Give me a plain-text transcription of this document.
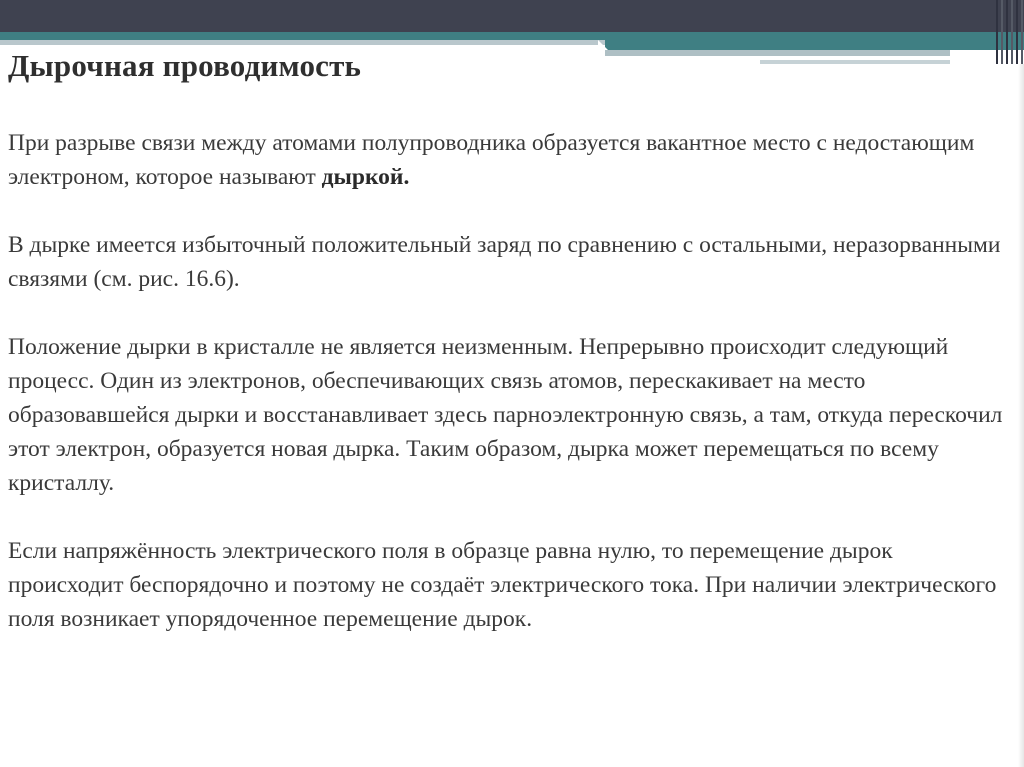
Дырочная проводимость

При разрыве связи между атомами полупроводника образуется вакантное место с недостающим электроном, которое называют дыркой.

В дырке имеется избыточный положительный заряд по сравнению с остальными, неразорванными связями (см. рис. 16.6).

Положение дырки в кристалле не является неизменным. Непрерывно происходит следующий процесс. Один из электронов, обеспечивающих связь атомов, перескакивает на место образовавшейся дырки и восстанавливает здесь парноэлектронную связь, а там, откуда перескочил этот электрон, образуется новая дырка. Таким образом, дырка может перемещаться по всему кристаллу.

Если напряжённость электрического поля в образце равна нулю, то перемещение дырок происходит беспорядочно и поэтому не создаёт электрического тока. При наличии электрического поля возникает упорядоченное перемещение дырок.
